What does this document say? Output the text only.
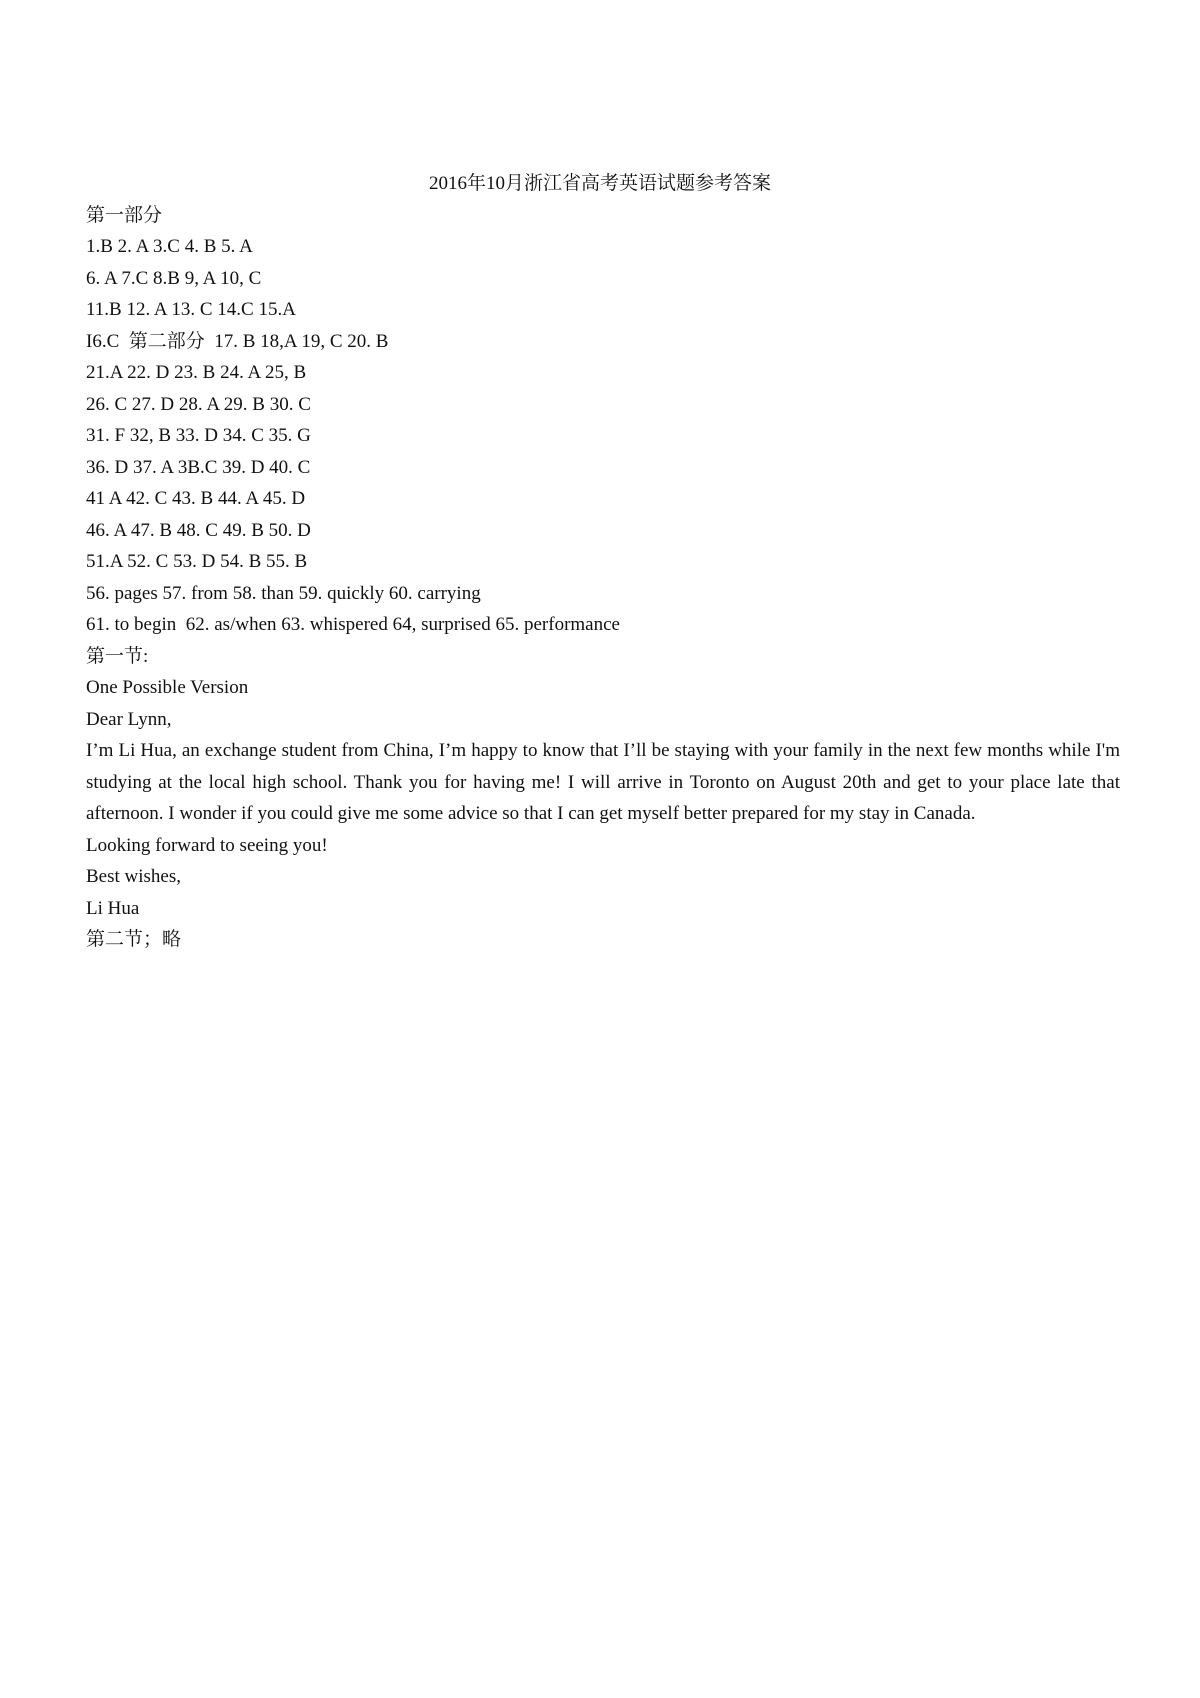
2016年10月浙江省高考英语试题参考答案
第一部分
1.B 2. A 3.C 4. B 5. A
6. A 7.C 8.B 9, A 10, C
11.B 12. A 13. C 14.C 15.A
I6.C  第二部分  17. B 18,A 19, C 20. B
21.A 22. D 23. B 24. A 25, B
26. C 27. D 28. A 29. B 30. C
31. F 32, B 33. D 34. C 35. G
36. D 37. A 3B.C 39. D 40. C
41 A 42. C 43. B 44. A 45. D
46. A 47. B 48. C 49. B 50. D
51.A 52. C 53. D 54. B 55. B
56. pages 57. from 58. than 59. quickly 60. carrying
61. to begin  62. as/when 63. whispered 64, surprised 65. performance
第一节:
One Possible Version
Dear Lynn,
I’m Li Hua, an exchange student from China, I’m happy to know that I’ll be staying with your family in the next few months while I'm studying at the local high school. Thank you for having me! I will arrive in Toronto on August 20th and get to your place late that afternoon. I wonder if you could give me some advice so that I can get myself better prepared for my stay in Canada.
Looking forward to seeing you!
Best wishes,
Li Hua
第二节；略
